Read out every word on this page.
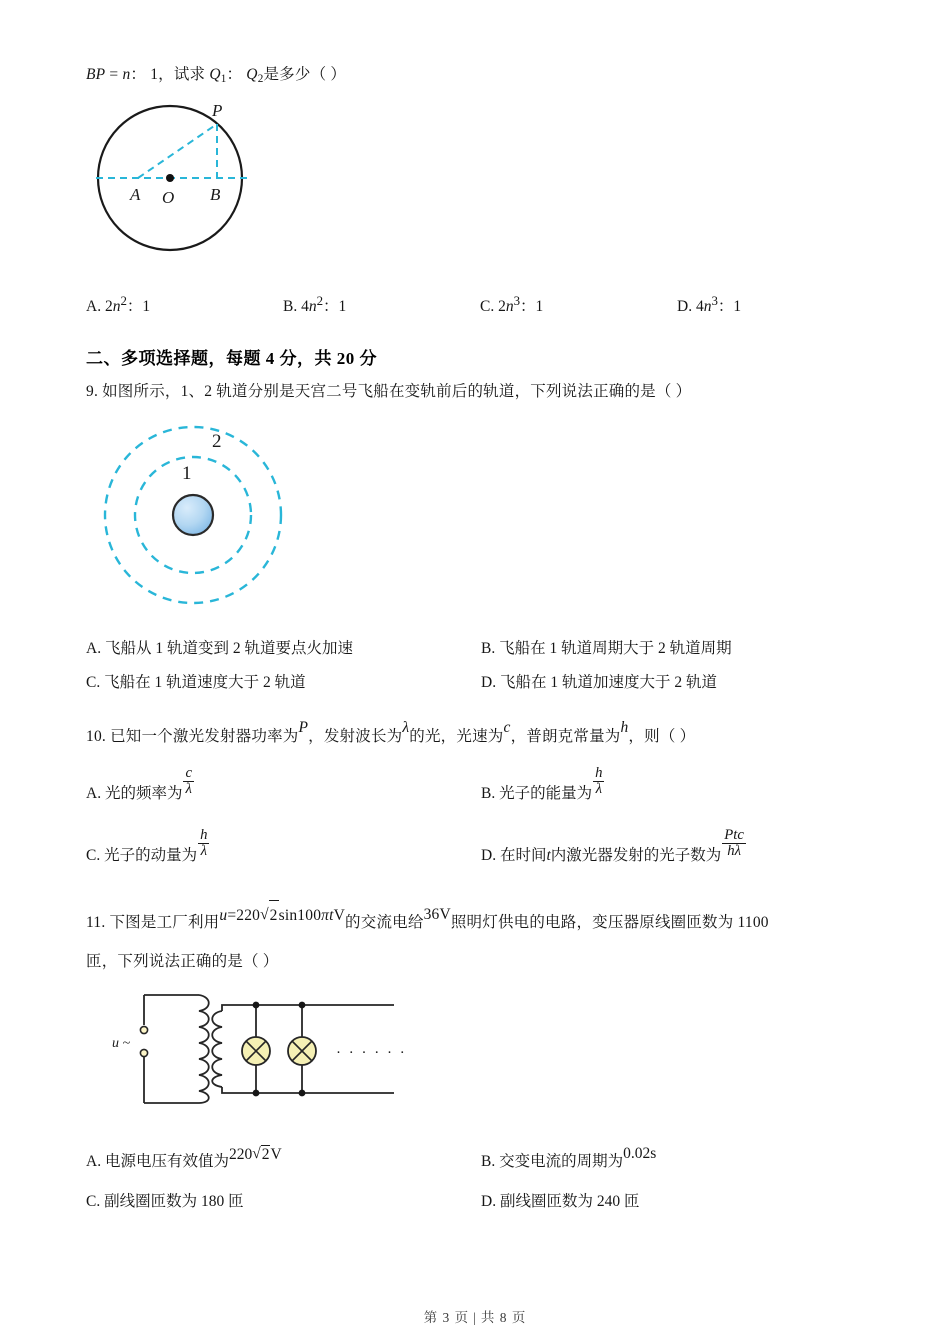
BP = n： 1，试求 $Q_1$： $Q_2$是多少（ ）
P
A O B
A. $2n^2$：1	B. $4n^2$：1	C. $2n^3$：1	D. $4n^3$：1
二、多项选择题，每题 4 分，共 20 分
9. 如图所示，1、2 轨道分别是天宫二号飞船在变轨前后的轨道，下列说法正确的是（ ）
2
1
A. 飞船从 1 轨道变到 2 轨道要点火加速	B. 飞船在 1 轨道周期大于 2 轨道周期
C. 飞船在 1 轨道速度大于 2 轨道	D. 飞船在 1 轨道加速度大于 2 轨道
10. 已知一个激光发射器功率为P，发射波长为λ的光，光速为c，普朗克常量为h，则（ ）
A. 光的频率为 $\frac{c}{\lambda}$	B. 光子的能量为 $\frac{h}{\lambda}$
C. 光子的动量为 $\frac{h}{\lambda}$	D. 在时间t内激光器发射的光子数为 $\frac{\text{Ptc}}{h\lambda}$
11. 下图是工厂利用u=220 √ 2sin100πtV的交流电给36V照明灯供电的电路，变压器原线圈匝数为 1100
匝，下列说法正确的是（ ）
u ~
· · · · · ·
A. 电源电压有效值为220 √ 2V	B. 交变电流的周期为0.02s
C. 副线圈匝数为 180 匝	D. 副线圈匝数为 240 匝
第 3 页 | 共 8 页
